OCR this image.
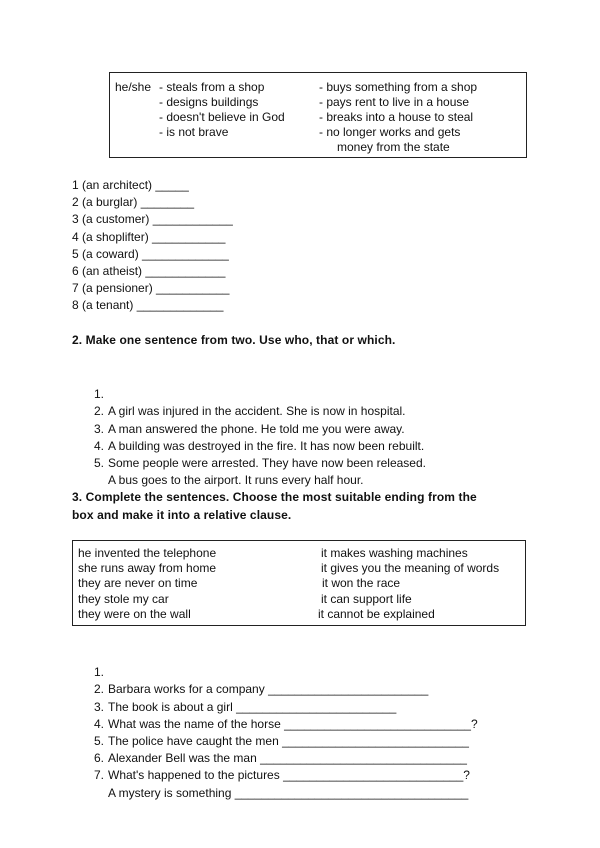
he/she - steals from a shop
- designs buildings
- doesn't believe in God
- is not brave
- buys something from a shop
- pays rent to live in a house
- breaks into a house to steal
- no longer works and gets
money from the state
1 (an architect) _____
2 (a burglar) ________
3 (a customer) ____________
4 (a shoplifter) ___________
5 (a coward) _____________
6 (an atheist) ____________
7 (a pensioner) ___________
8 (a tenant) _____________
2. Make one sentence from two. Use who, that or which.

1.

A girl was injured in the accident. She is now in hospital.

2.

A man answered the phone. He told me you were away.

3.

A building was destroyed in the fire. It has now been rebuilt.

4.

Some people were arrested. They have now been released.

5.

A bus goes to the airport. It runs every half hour.

3. Complete the sentences. Choose the most suitable ending from the
box and make it into a relative clause.
he invented the telephone
she runs away from home
they are never on time
they stole my car
they were on the wall
it makes washing machines
it gives you the meaning of words
it won the race
it can support life
it cannot be explained

1.

Barbara works for a company ________________________

2.

The book is about a girl ________________________

3.

What was the name of the horse ____________________________?

4.

The police have caught the men ____________________________

5.

Alexander Bell was the man _______________________________

6.

What's happened to the pictures ___________________________?

7.

A mystery is something ___________________________________
